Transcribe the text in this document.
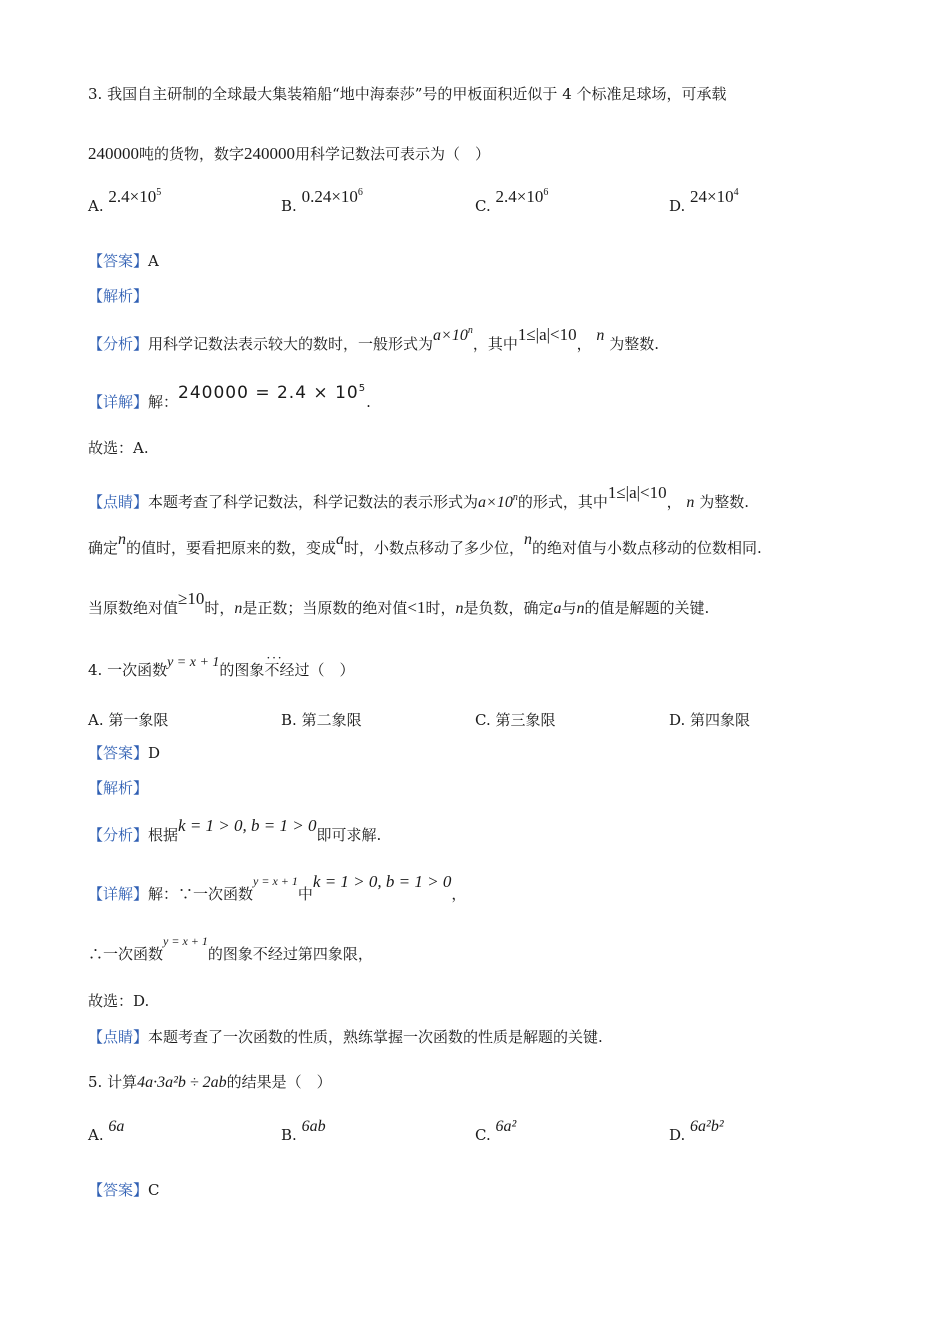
3. 我国自主研制的全球最大集装箱船“地中海泰莎”号的甲板面积近似于 4 个标准足球场，可承载
240000吨的货物，数字240000用科学记数法可表示为（　）
A. $2.4\times 10^5$
B. $0.24\times 10^6$
C. $2.4\times 10^6$
D. $24\times 10^4$
【答案】A
【解析】
【分析】用科学记数法表示较大的数时，一般形式为$a\times 10^n$，其中1≤|a|<10， n 为整数.
【详解】解：$240000 = 2.4 \times 10^5$.
故选：A.
【点睛】本题考查了科学记数法，科学记数法的表示形式为$a\times 10^n$的形式，其中1≤|a|<10， n 为整数.
确定n的值时，要看把原来的数，变成a时，小数点移动了多少位，n的绝对值与小数点移动的位数相同.
当原数绝对值≥10时，n是正数；当原数的绝对值<1时，n是负数，确定a与n的值是解题的关键.
4. 一次函数y = x + 1的图象· · · 不经过（　）
A. 第一象限	B. 第二象限	C. 第三象限	D. 第四象限
【答案】D
【解析】
【分析】根据k = 1 > 0, b = 1 > 0即可求解.
【详解】解：∵一次函数$^{y = x + 1}$中k = 1 > 0, b = 1 > 0，
∴一次函数$^{y = x + 1}$的图象不经过第四象限，
故选：D.
【点睛】本题考查了一次函数的性质，熟练掌握一次函数的性质是解题的关键.
5. 计算4a·3a²b ÷ 2ab的结果是（　）
A. 6a	B. 6ab	C. 6a²	D. 6a²b²
【答案】C
